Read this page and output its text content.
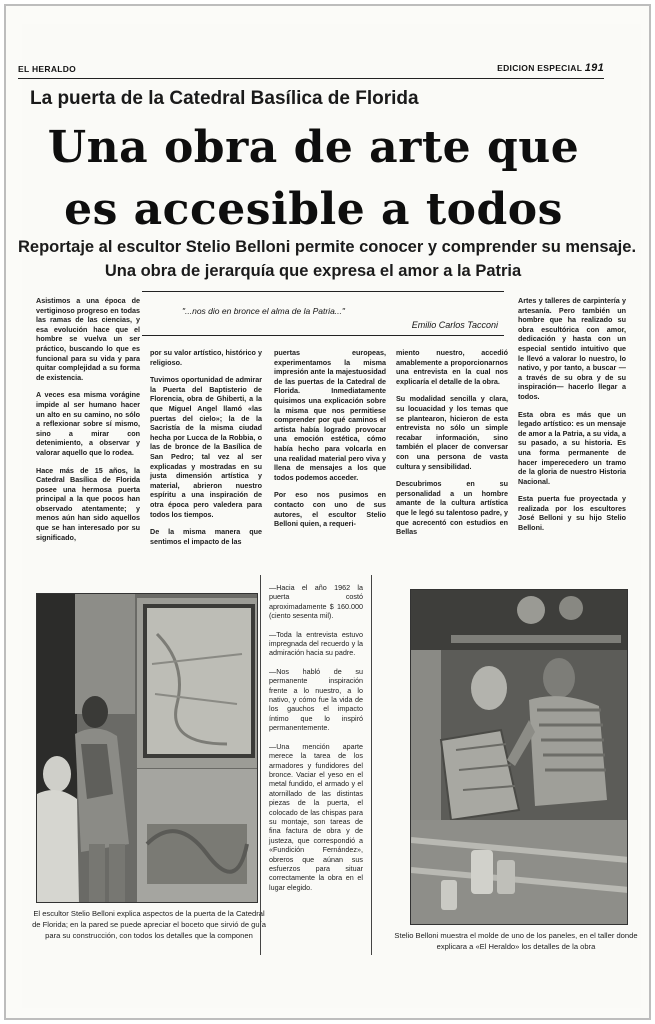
EL HERALDO	EDICION ESPECIAL 191
La puerta de la Catedral Basílica de Florida
Una obra de arte que
es accesible a todos
Reportaje al escultor Stelio Belloni permite conocer y comprender su mensaje.
Una obra de jerarquía que expresa el amor a la Patria
"...nos dio en bronce el alma de la Patria..."
Emilio Carlos Tacconi

Asistimos a una época de vertiginoso progreso en todas las ramas de las ciencias, y esa evolución hace que el hombre se vuelva un ser práctico, buscando lo que es funcional para su vida y para quitar complejidad a su forma de existencia.

A veces esa misma vorágine impide al ser humano hacer un alto en su camino, no sólo a reflexionar sobre sí mismo, sino a mirar con detenimiento, a observar y valorar aquello que lo rodea.

Hace más de 15 años, la Catedral Basílica de Florida posee una hermosa puerta principal a la que pocos han observado atentamente; y menos aún han sido aquellos que se han interesado por su significado,

por su valor artístico, histórico y religioso.

Tuvimos oportunidad de admirar la Puerta del Baptisterio de Florencia, obra de Ghiberti, a la que Miguel Angel llamó «las puertas del cielo»; la de la Sacristía de la misma ciudad hecha por Lucca de la Robbia, o las de bronce de la Basílica de San Pedro; tal vez al ser explicadas y mostradas en su justa dimensión artística y material, abrieron nuestro espíritu a una inspiración de otra época pero valedera para todos los tiempos.

De la misma manera que sentimos el impacto de las

puertas europeas, experimentamos la misma impresión ante la majestuosidad de las puertas de la Catedral de Florida. Inmediatamente quisimos una explicación sobre la misma que nos permitiese comprender por qué caminos el artista había logrado provocar una emoción estética, cómo había hecho para volcarla en una realidad material pero viva y llena de mensajes a los que todos podemos acceder.

Por eso nos pusimos en contacto con uno de sus autores, el escultor Stelio Belloni quien, a requeri-

miento nuestro, accedió amablemente a proporcionarnos una entrevista en la cual nos explicaría el detalle de la obra.

Su modalidad sencilla y clara, su locuacidad y los temas que se plantearon, hicieron de esta entrevista no sólo un simple recabar información, sino también el placer de conversar con una persona de vasta cultura y sensibilidad.

Descubrimos en su personalidad a un hombre amante de la cultura artística que le legó su talentoso padre, y que acrecentó con estudios en Bellas

Artes y talleres de carpintería y artesanía. Pero también un hombre que ha realizado su obra escultórica con amor, dedicación y hasta con un especial sentido intuitivo que le llevó a valorar lo nuestro, lo nativo, y por tanto, a buscar —a través de su obra y de su inspiración— hacerlo llegar a todos.

Esta obra es más que un legado artístico: es un mensaje de amor a la Patria, a su vida, a su pasado, a su historia. Es una forma permanente de hacer imperecedero un tramo de la gloria de nuestro Historia Nacional.

Esta puerta fue proyectada y realizada por los escultores José Belloni y su hijo Stelio Belloni.

El escultor Stelio Belloni explica aspectos de la puerta de la Catedral de Florida; en la pared se puede apreciar el boceto que sirvió de guía para su construcción, con todos los detalles que la componen

—Hacia el año 1962 la puerta costó aproximadamente $ 160.000 (ciento sesenta mil).

—Toda la entrevista estuvo impregnada del recuerdo y la admiración hacia su padre.

—Nos habló de su permanente inspiración frente a lo nuestro, a lo nativo, y cómo fue la vida de los gauchos el impacto íntimo que lo inspiró permanentemente.

—Una mención aparte merece la tarea de los armadores y fundidores del bronce. Vaciar el yeso en el metal fundido, el armado y el atornillado de las distintas piezas de la puerta, el colocado de las chispas para su montaje, son tareas de fina factura de obra y de justeza, que correspondió a «Fundición Fernández», obreros que aúnan sus esfuerzos para situar correctamente la obra en el lugar elegido.

Stelio Belloni muestra el molde de uno de los paneles, en el taller donde explicara a «El Heraldo» los detalles de la obra
